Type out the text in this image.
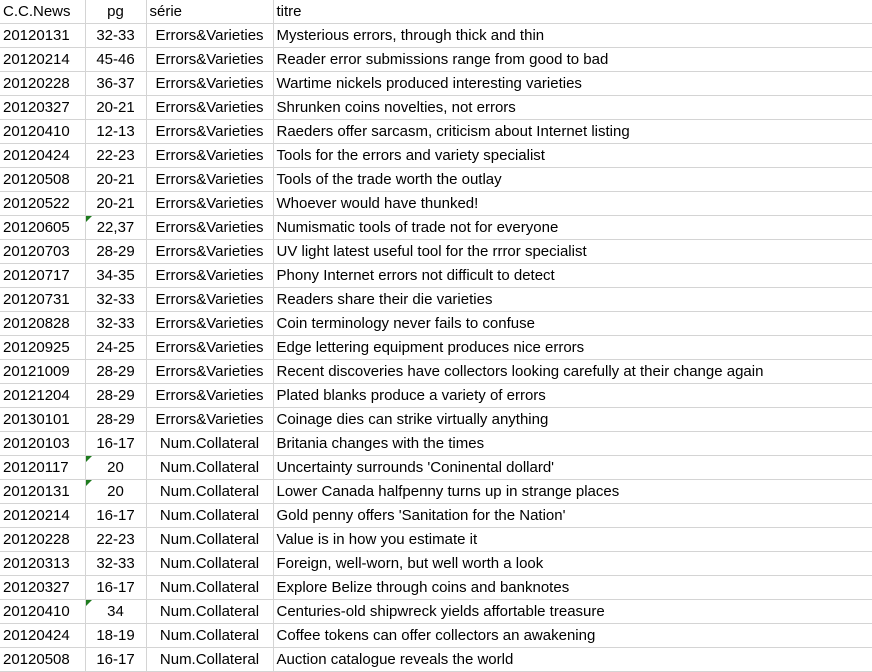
C.C.News	pg	série	titre
20120131	32-33	Errors&Varieties	Mysterious errors, through thick and thin
20120214	45-46	Errors&Varieties	Reader error submissions range from good to bad
20120228	36-37	Errors&Varieties	Wartime nickels produced interesting varieties
20120327	20-21	Errors&Varieties	Shrunken coins novelties, not errors
20120410	12-13	Errors&Varieties	Raeders offer sarcasm, criticism about Internet listing
20120424	22-23	Errors&Varieties	Tools for the errors and variety specialist
20120508	20-21	Errors&Varieties	Tools of the trade worth the outlay
20120522	20-21	Errors&Varieties	Whoever would have thunked!
20120605	22,37	Errors&Varieties	Numismatic tools of trade not for everyone
20120703	28-29	Errors&Varieties	UV light latest useful tool for the rrror specialist
20120717	34-35	Errors&Varieties	Phony Internet errors not difficult to detect
20120731	32-33	Errors&Varieties	Readers share their die varieties
20120828	32-33	Errors&Varieties	Coin terminology never fails to confuse
20120925	24-25	Errors&Varieties	Edge lettering equipment produces nice errors
20121009	28-29	Errors&Varieties	Recent discoveries have collectors looking carefully at their change again
20121204	28-29	Errors&Varieties	Plated blanks produce a variety of errors
20130101	28-29	Errors&Varieties	Coinage dies can strike virtually anything
20120103	16-17	Num.Collateral	Britania changes with the times
20120117	20	Num.Collateral	Uncertainty surrounds 'Coninental dollard'
20120131	20	Num.Collateral	Lower Canada halfpenny turns up in strange places
20120214	16-17	Num.Collateral	Gold penny offers 'Sanitation for the Nation'
20120228	22-23	Num.Collateral	Value is in how you estimate it
20120313	32-33	Num.Collateral	Foreign, well-worn, but well worth a look
20120327	16-17	Num.Collateral	Explore Belize through coins and banknotes
20120410	34	Num.Collateral	Centuries-old shipwreck yields affortable treasure
20120424	18-19	Num.Collateral	Coffee tokens can offer collectors an awakening
20120508	16-17	Num.Collateral	Auction catalogue reveals the world
